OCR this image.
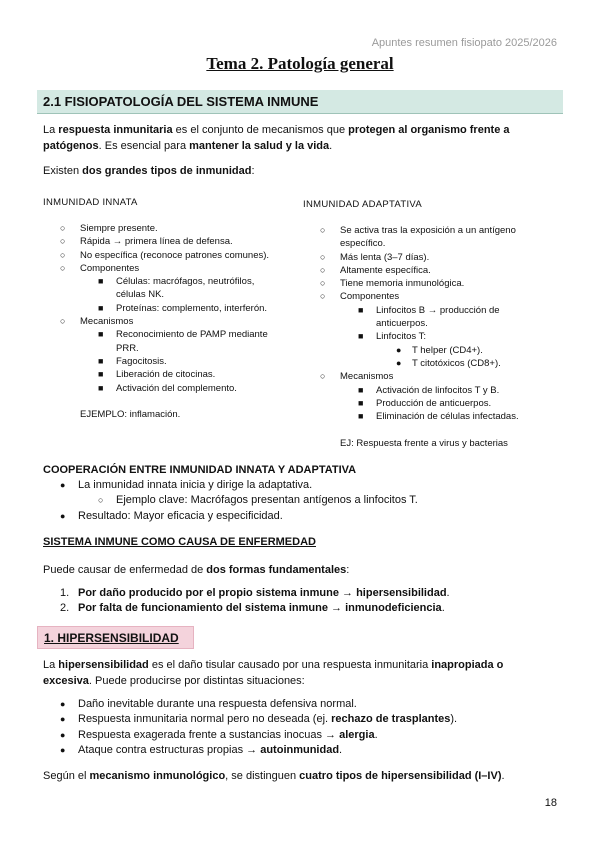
Apuntes resumen fisiopato 2025/2026
Tema 2. Patología general
2.1 FISIOPATOLOGÍA DEL SISTEMA INMUNE
La respuesta inmunitaria es el conjunto de mecanismos que protegen al organismo frente a
patógenos. Es esencial para mantener la salud y la vida.
Existen dos grandes tipos de inmunidad:
INMUNIDAD INNATA
○ Siempre presente.
○ Rápida → primera línea de defensa.
○ No específica (reconoce patrones comunes).
○ Componentes
■ Células: macrófagos, neutrófilos,
células NK.
■ Proteínas: complemento, interferón.
○ Mecanismos
■ Reconocimiento de PAMP mediante
PRR.
■ Fagocitosis.
■ Liberación de citocinas.
■ Activación del complemento.
EJEMPLO: inflamación.
INMUNIDAD ADAPTATIVA
○ Se activa tras la exposición a un antígeno
específico.
○ Más lenta (3–7 días).
○ Altamente específica.
○ Tiene memoria inmunológica.
○ Componentes
■ Linfocitos B → producción de
anticuerpos.
■ Linfocitos T:
● T helper (CD4+).
● T citotóxicos (CD8+).
○ Mecanismos
■ Activación de linfocitos T y B.
■ Producción de anticuerpos.
■ Eliminación de células infectadas.
EJ: Respuesta frente a virus y bacterias
COOPERACIÓN ENTRE INMUNIDAD INNATA Y ADAPTATIVA
● La inmunidad innata inicia y dirige la adaptativa.
○ Ejemplo clave: Macrófagos presentan antígenos a linfocitos T.
● Resultado: Mayor eficacia y especificidad.
SISTEMA INMUNE COMO CAUSA DE ENFERMEDAD
Puede causar de enfermedad de dos formas fundamentales:
1. Por daño producido por el propio sistema inmune → hipersensibilidad.
2. Por falta de funcionamiento del sistema inmune → inmunodeficiencia.
1. HIPERSENSIBILIDAD
La hipersensibilidad es el daño tisular causado por una respuesta inmunitaria inapropiada o
excesiva. Puede producirse por distintas situaciones:
● Daño inevitable durante una respuesta defensiva normal.
● Respuesta inmunitaria normal pero no deseada (ej. rechazo de trasplantes).
● Respuesta exagerada frente a sustancias inocuas → alergia.
● Ataque contra estructuras propias → autoinmunidad.
Según el mecanismo inmunológico, se distinguen cuatro tipos de hipersensibilidad (I–IV).
18
